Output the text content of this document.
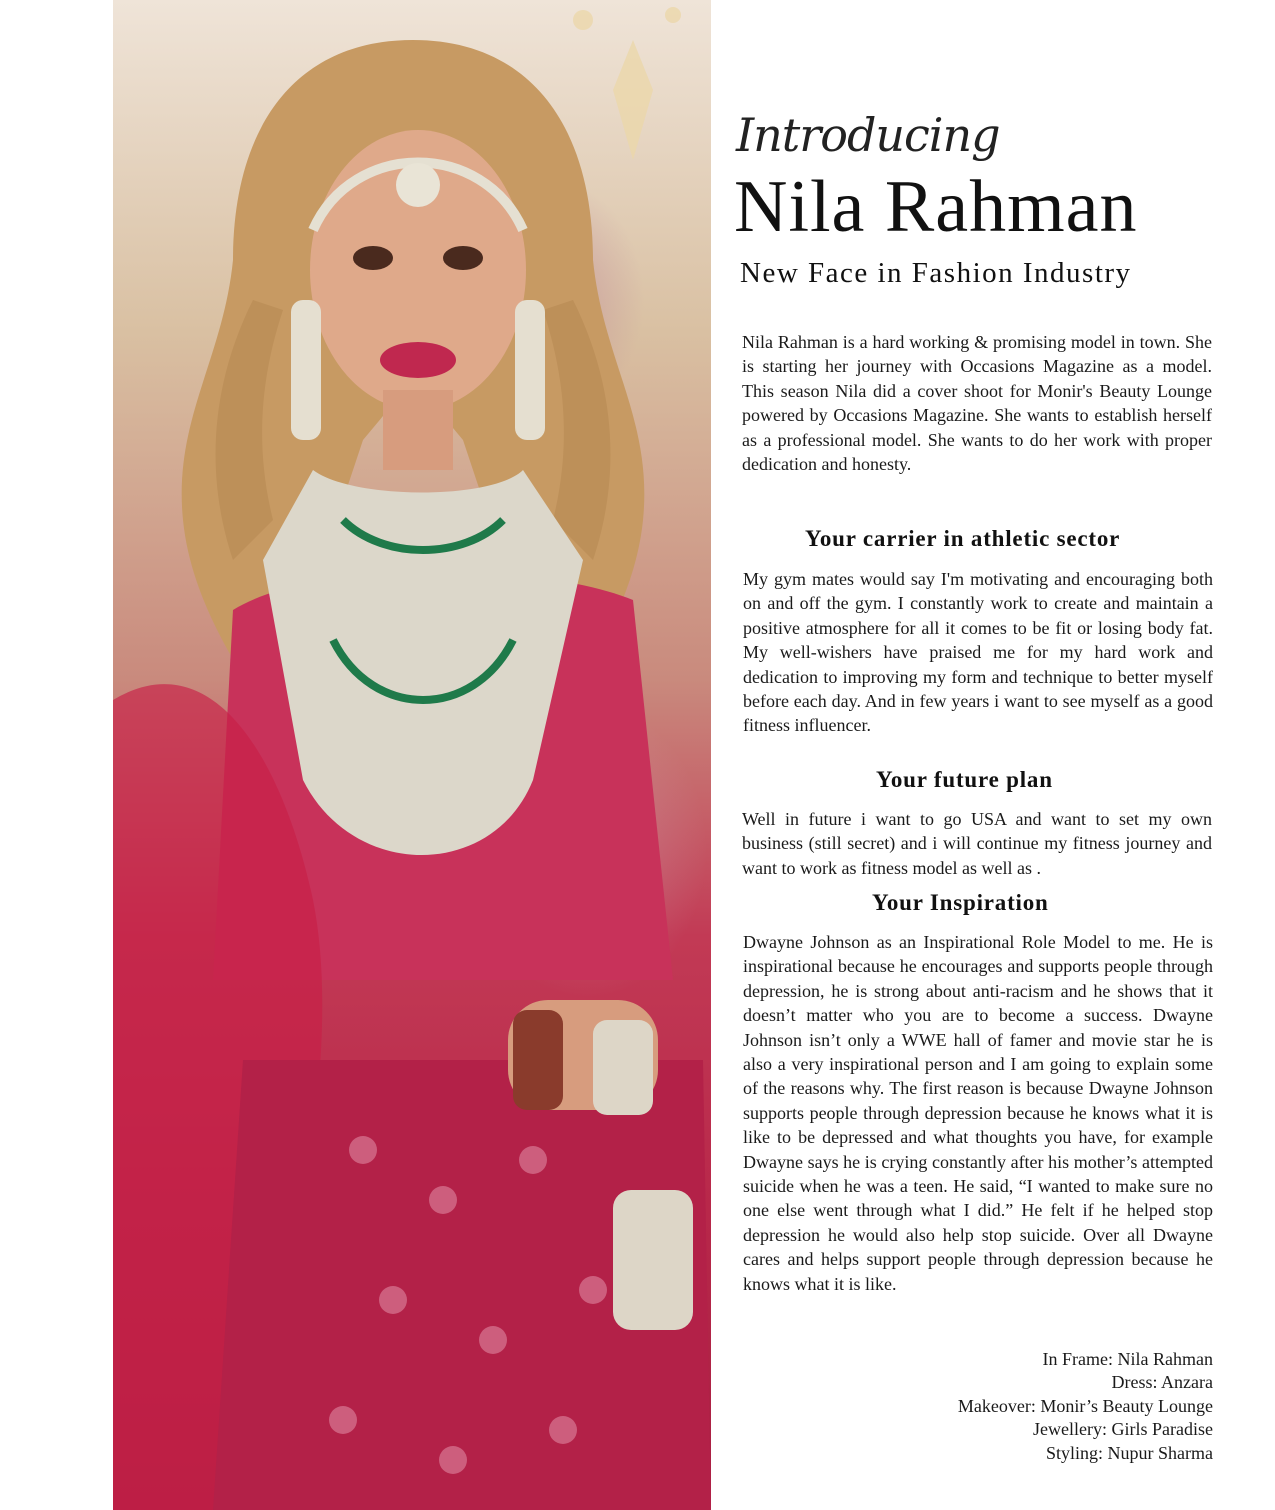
Introducing
Nila Rahman
New Face in Fashion Industry

Nila Rahman is a hard working & promising model in town. She is starting her journey with Occasions Magazine as a model. This season Nila did a cover shoot for Monir's Beauty Lounge powered by Occasions Magazine. She wants to establish herself as a professional model. She wants to do her work with proper dedication and honesty.

Your carrier in athletic sector

My gym mates would say I'm motivating and encouraging both on and off the gym. I constantly work to create and maintain a positive atmosphere for all it comes to be fit or losing body fat. My well-wishers have praised me for my hard work and dedication to improving my form and technique to better myself before each day. And in few years i want to see myself as a good fitness influencer.

Your future plan

Well in future i want to go USA and want to set my own business (still secret) and i will continue my fitness journey and want to work as fitness model as well as .

Your Inspiration

Dwayne Johnson as an Inspirational Role Model to me. He is inspirational because he encourages and supports people through depression, he is strong about anti-racism and he shows that it doesn’t matter who you are to become a success. Dwayne Johnson isn’t only a WWE hall of famer and movie star he is also a very inspirational person and I am going to explain some of the reasons why. The first reason is because Dwayne Johnson supports people through depression because he knows what it is like to be depressed and what thoughts you have, for example Dwayne says he is crying constantly after his mother’s attempted suicide when he was a teen. He said, “I wanted to make sure no one else went through what I did.” He felt if he helped stop depression he would also help stop suicide. Over all Dwayne cares and helps support people through depression because he knows what it is like.

In Frame: Nila Rahman
Dress: Anzara
Makeover: Monir’s Beauty Lounge
Jewellery: Girls Paradise
Styling: Nupur Sharma
